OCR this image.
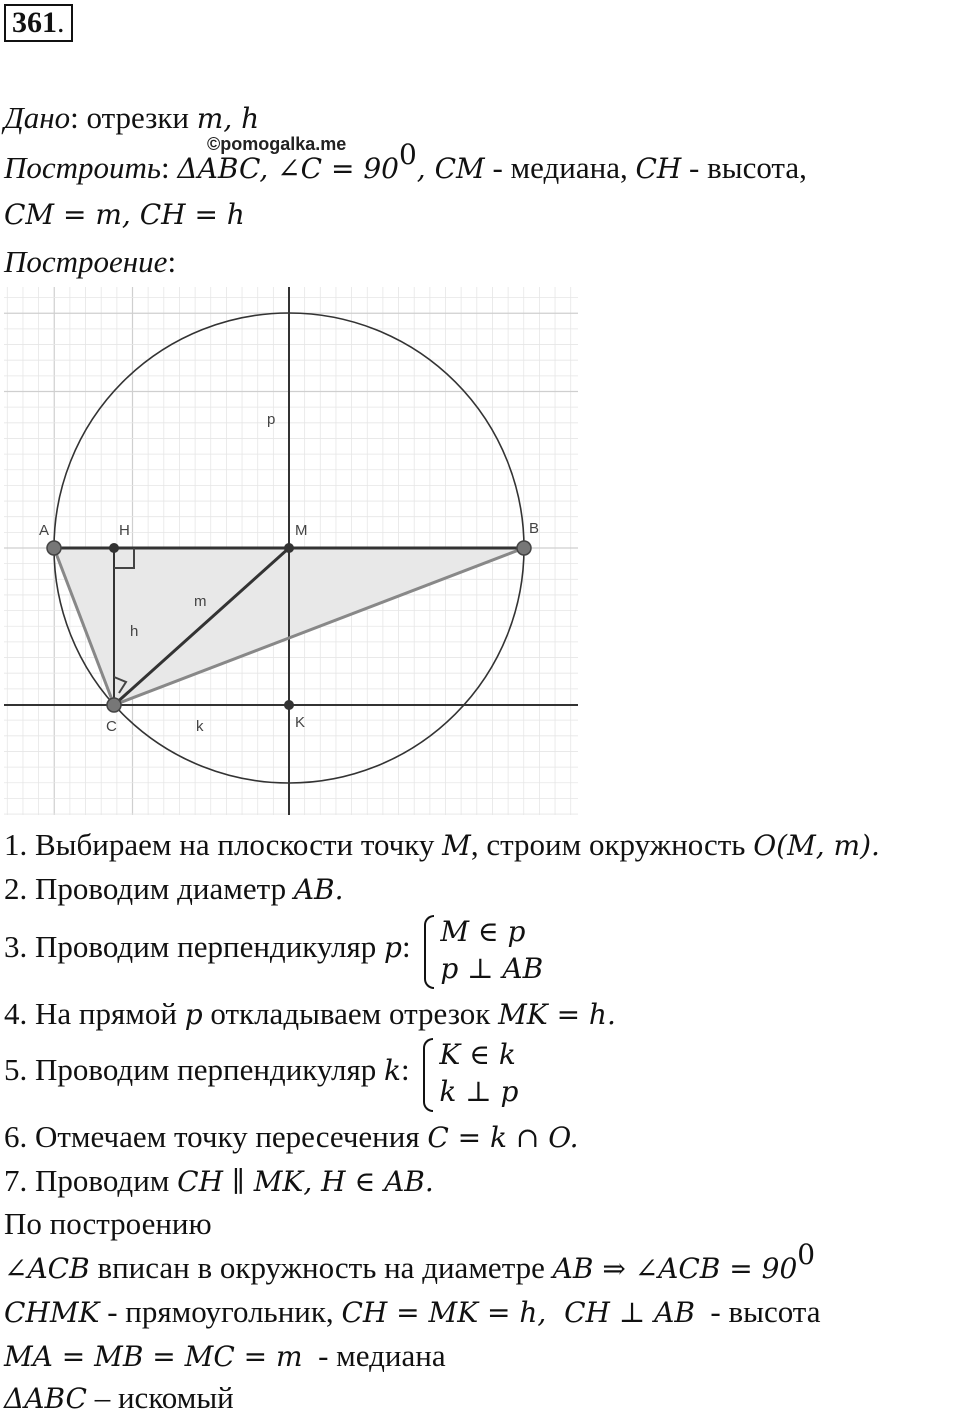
361.
Дано: отрезки m, h
©pomogalka.me
Построить: ΔABC, ∠C = $90^0$, CM - медиана, CH - высота,
CM = m, CH = h
Построение:
A	B
H	M
C	K
p
m
h
k
1. Выбираем на плоскости точку M, строим окружность O(M, m).
2. Проводим диаметр AB.
3. Проводим перпендикуляр p: M ∈ p
p ⊥ AB
4. На прямой p откладываем отрезок MK = h.
5. Проводим перпендикуляр k: K ∈ k
k ⊥ p
6. Отмечаем точку пересечения C = k ∩ O.
7. Проводим CH ∥ MK, H ∈ AB.
По построению
∠ACB вписан в окружность на диаметре AB ⇒ ∠ACB = $90^0$
CHMK - прямоугольник, CH = MK = h,  CH ⊥ AB  - высота
MA = MB = MC = m  - медиана
ΔABC – искомый
